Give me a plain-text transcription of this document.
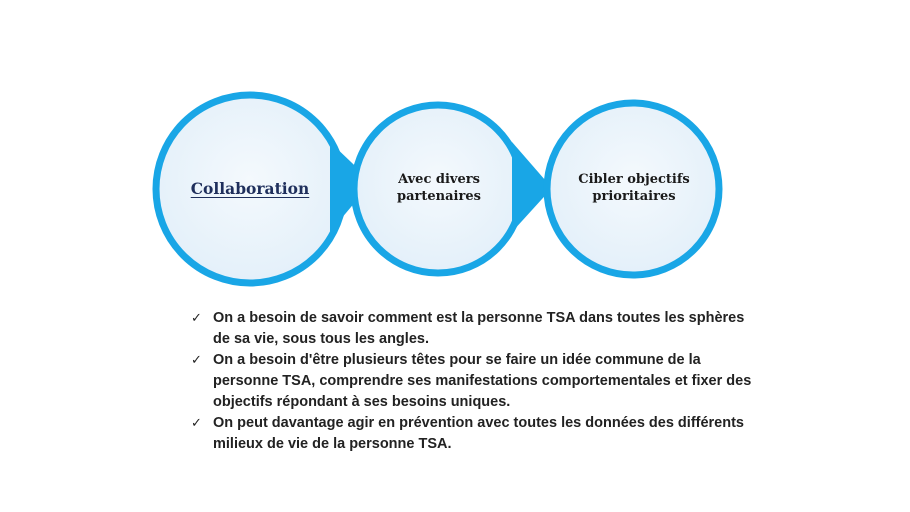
Collaboration	Avec divers partenaires
Cibler objectifs prioritaires
✓ On a besoin de savoir comment est la personne TSA dans toutes les sphères de sa vie, sous tous les angles.
✓ On a besoin d'être plusieurs têtes pour se faire un idée commune de la personne TSA, comprendre ses manifestations comportementales et fixer des objectifs répondant à ses besoins uniques.
✓ On peut davantage agir en prévention avec toutes les données des différents milieux de vie de la personne TSA.
